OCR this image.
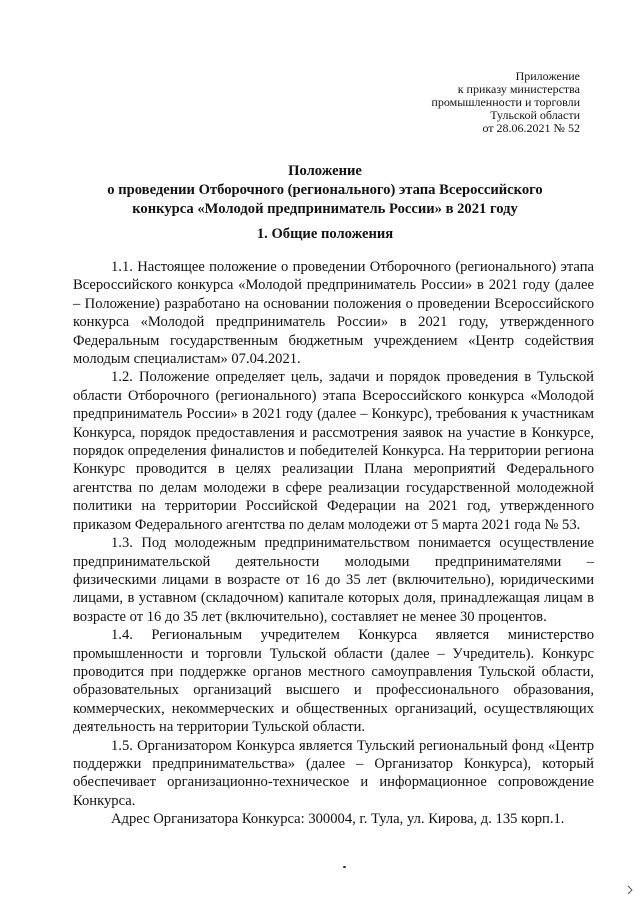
Приложение
к приказу министерства
промышленности и торговли
Тульской области
от 28.06.2021 № 52
Положение
о проведении Отборочного (регионального) этапа Всероссийского
конкурса «Молодой предприниматель России» в 2021 году
1. Общие положения

1.1. Настоящее положение о проведении Отборочного (регионального) этапа Всероссийского конкурса «Молодой предприниматель России» в 2021 году (далее – Положение) разработано на основании положения о проведении Всероссийского конкурса «Молодой предприниматель России» в 2021 году, утвержденного Федеральным государственным бюджетным учреждением «Центр содействия молодым специалистам» 07.04.2021.

1.2. Положение определяет цель, задачи и порядок проведения в Тульской области Отборочного (регионального) этапа Всероссийского конкурса «Молодой предприниматель России» в 2021 году (далее – Конкурс), требования к участникам Конкурса, порядок предоставления и рассмотрения заявок на участие в Конкурсе, порядок определения финалистов и победителей Конкурса. На территории региона Конкурс проводится в целях реализации Плана мероприятий Федерального агентства по делам молодежи в сфере реализации государственной молодежной политики на территории Российской Федерации на 2021 год, утвержденного приказом Федерального агентства по делам молодежи от 5 марта 2021 года № 53.

1.3. Под молодежным предпринимательством понимается осуществление предпринимательской деятельности молодыми предпринимателями – физическими лицами в возрасте от 16 до 35 лет (включительно), юридическими лицами, в уставном (складочном) капитале которых доля, принадлежащая лицам в возрасте от 16 до 35 лет (включительно), составляет не менее 30 процентов.

1.4. Региональным учредителем Конкурса является министерство промышленности и торговли Тульской области (далее – Учредитель). Конкурс проводится при поддержке органов местного самоуправления Тульской области, образовательных организаций высшего и профессионального образования, коммерческих, некоммерческих и общественных организаций, осуществляющих деятельность на территории Тульской области.

1.5. Организатором Конкурса является Тульский региональный фонд «Центр поддержки предпринимательства» (далее – Организатор Конкурса), который обеспечивает организационно-техническое и информационное сопровождение Конкурса.

Адрес Организатора Конкурса: 300004, г. Тула, ул. Кирова, д. 135 корп.1.
